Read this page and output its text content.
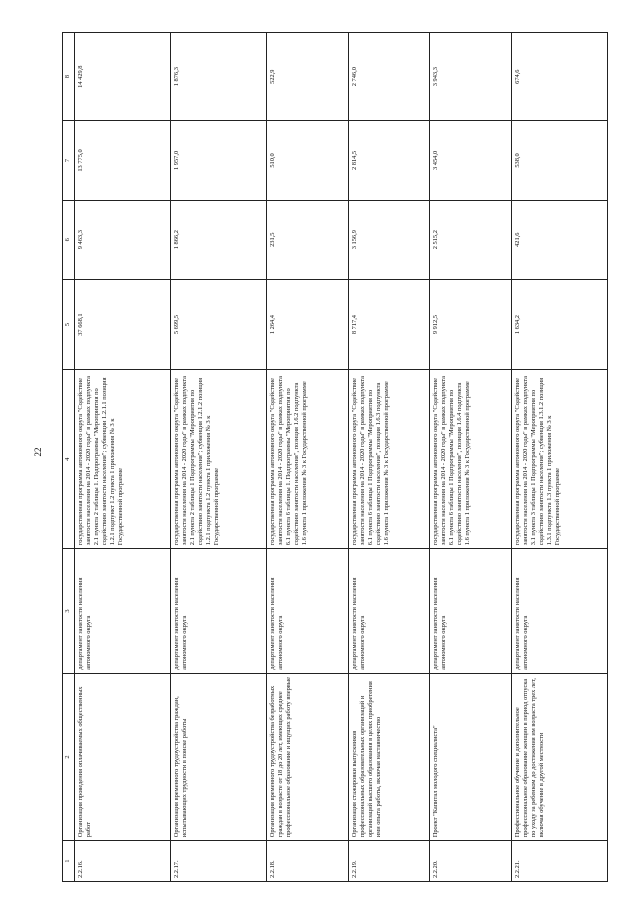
22
1	2	3	4	5	6	7	8
2.2.16.	Организация проведения оплачиваемых общественных работ	департамент занятости населения автономного округа	государственная программа автономного округа "Содействие занятости населения на 2014 - 2020 годы" в рамках подпункта 2.1 пункта 2 таблицы 1. Подпрограммы "Мероприятия по содействию занятости населения"; субвенции 1.2.1.1 позиция 1.2.1 подпункт 1.2 пункта 1 приложения № 3 к Государственной программе	37 668,1	9 463,3	13 775,0	14 429,8
2.2.17.	Организация временного трудоустройства граждан, испытывающих трудности в поиске работы	департамент занятости населения автономного округа	государственная программа автономного округа "Содействие занятости населения на 2014 - 2020 годы" в рамках подпункта 2.1 пункта 2 таблицы 1 Подпрограммы "Мероприятия по содействию занятости населения"; субвенция 1.2.1.2 позиция 1.2.1 подпункта 1.2 пункта 1 приложения № 3 к Государственной программе	5 699,5	1 866,2	1 957,0	1 876,3
2.2.18.	Организация временного трудоустройства безработных граждан в возрасте от 18 до 20 лет, имеющих среднее профессиональное образование и ищущих работу впервые	департамент занятости населения автономного округа	государственная программа автономного округа "Содействие занятости населения на 2014 - 2020 годы" в рамках подпункта 6.1 пункта 6 таблицы 1. Подпрограммы "Мероприятия по содействию занятости населения", позиция 1.6.2 подпункта 1.6 пункта 1 приложения № 3 к Государственной программе	1 264,4	231,5	510,0	522,9
2.2.19.	Организация стажировки выпускников профессиональных образовательных организаций и организаций высшего образования в целях приобретения ими опыта работы, включая наставничество	департамент занятости населения автономного округа	государственная программа автономного округа "Содействие занятости населения на 2014 - 2020 годы" в рамках подпункта 6.1 пункта 6 таблицы 1 Подпрограммы "Мероприятия по содействию занятости населения", позиция 1.6.3 подпункта 1.6 пункта 1 приложения № 3 к Государственной программе	8 717,4	3 156,9	2 814,5	2 746,0
2.2.20.	Проект "Капитал молодого специалиста"	департамент занятости населения автономного округа	государственная программа автономного округа "Содействие занятости населения на 2014 - 2020 годы" в рамках подпункта 6.1 пункта 6 таблицы 1 Подпрограммы "Мероприятия по содействию занятости населения", позиция 1.6.4 подпункта 1.6 пункта 1 приложения № 3 к Государственной программе	9 912,5	2 515,2	3 454,0	3 943,3
2.2.21.	Профессиональное обучение и дополнительное профессиональное образование женщин в период отпуска по уходу за ребенком до достижения им возраста трех лет, включая обучение в другой местности	департамент занятости населения автономного округа	государственная программа автономного округа "Содействие занятости населения на 2014 - 2020 годы" в рамках подпункта 3.1 пункта 3 таблицы 1 Подпрограммы "Мероприятия по содействию занятости населения"; субвенция 1.3.1.2 позиция 1.3.1 подпункта 1.3 пункта 1 приложения № 3 к Государственной программе	1 634,2	421,6	538,0	674,6
